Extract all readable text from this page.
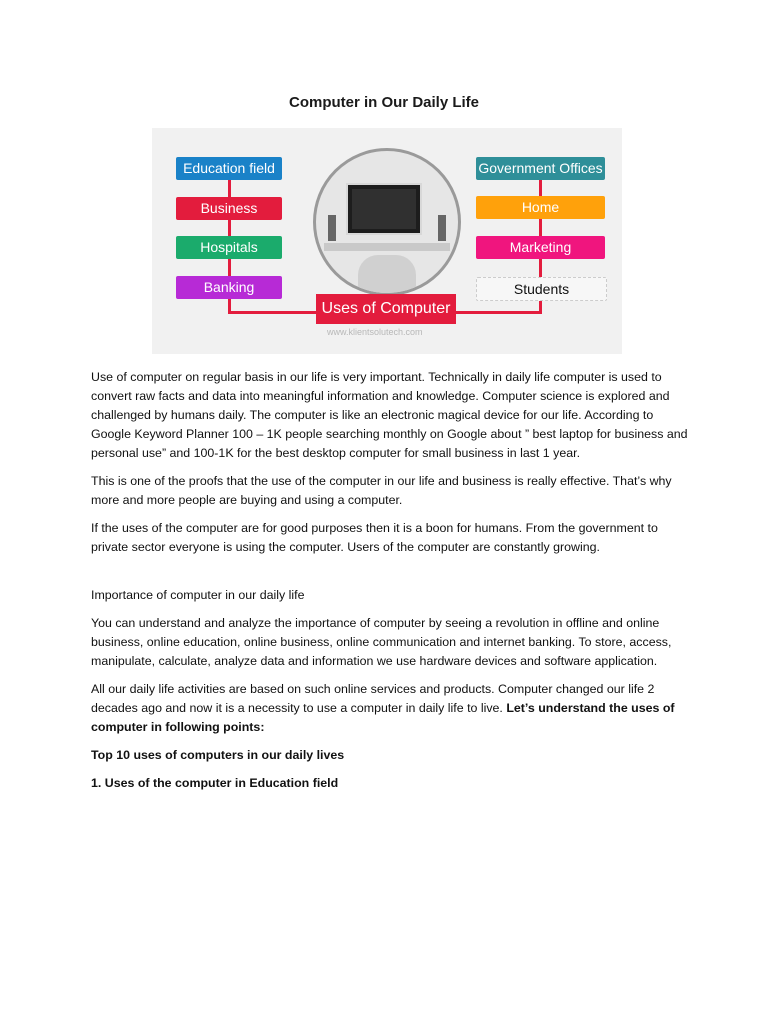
Computer in Our Daily Life
Education field
Business
Hospitals
Banking
Government Offices
Home
Marketing
Students
Uses of Computer
www.klientsolutech.com

Use of computer on regular basis in our life is very important. Technically in daily life computer is used to convert raw facts and data into meaningful information and knowledge. Computer science is explored and challenged by humans daily. The computer is like an electronic magical device for our life. According to Google Keyword Planner 100 – 1K people searching monthly on Google about ” best laptop for business and personal use” and 100-1K for the best desktop computer for small business in last 1 year.

This is one of the proofs that the use of the computer in our life and business is really effective. That’s why more and more people are buying and using a computer.

If the uses of the computer are for good purposes then it is a boon for humans. From the government to private sector everyone is using the computer. Users of the computer are constantly growing.

Importance of computer in our daily life

You can understand and analyze the importance of computer by seeing a revolution in offline and online business, online education, online business, online communication and internet banking. To store, access, manipulate, calculate, analyze data and information we use hardware devices and software application.

All our daily life activities are based on such online services and products. Computer changed our life 2 decades ago and now it is a necessity to use a computer in daily life to live. Let’s understand the uses of computer in following points:

Top 10 uses of computers in our daily lives

1. Uses of the computer in Education field
